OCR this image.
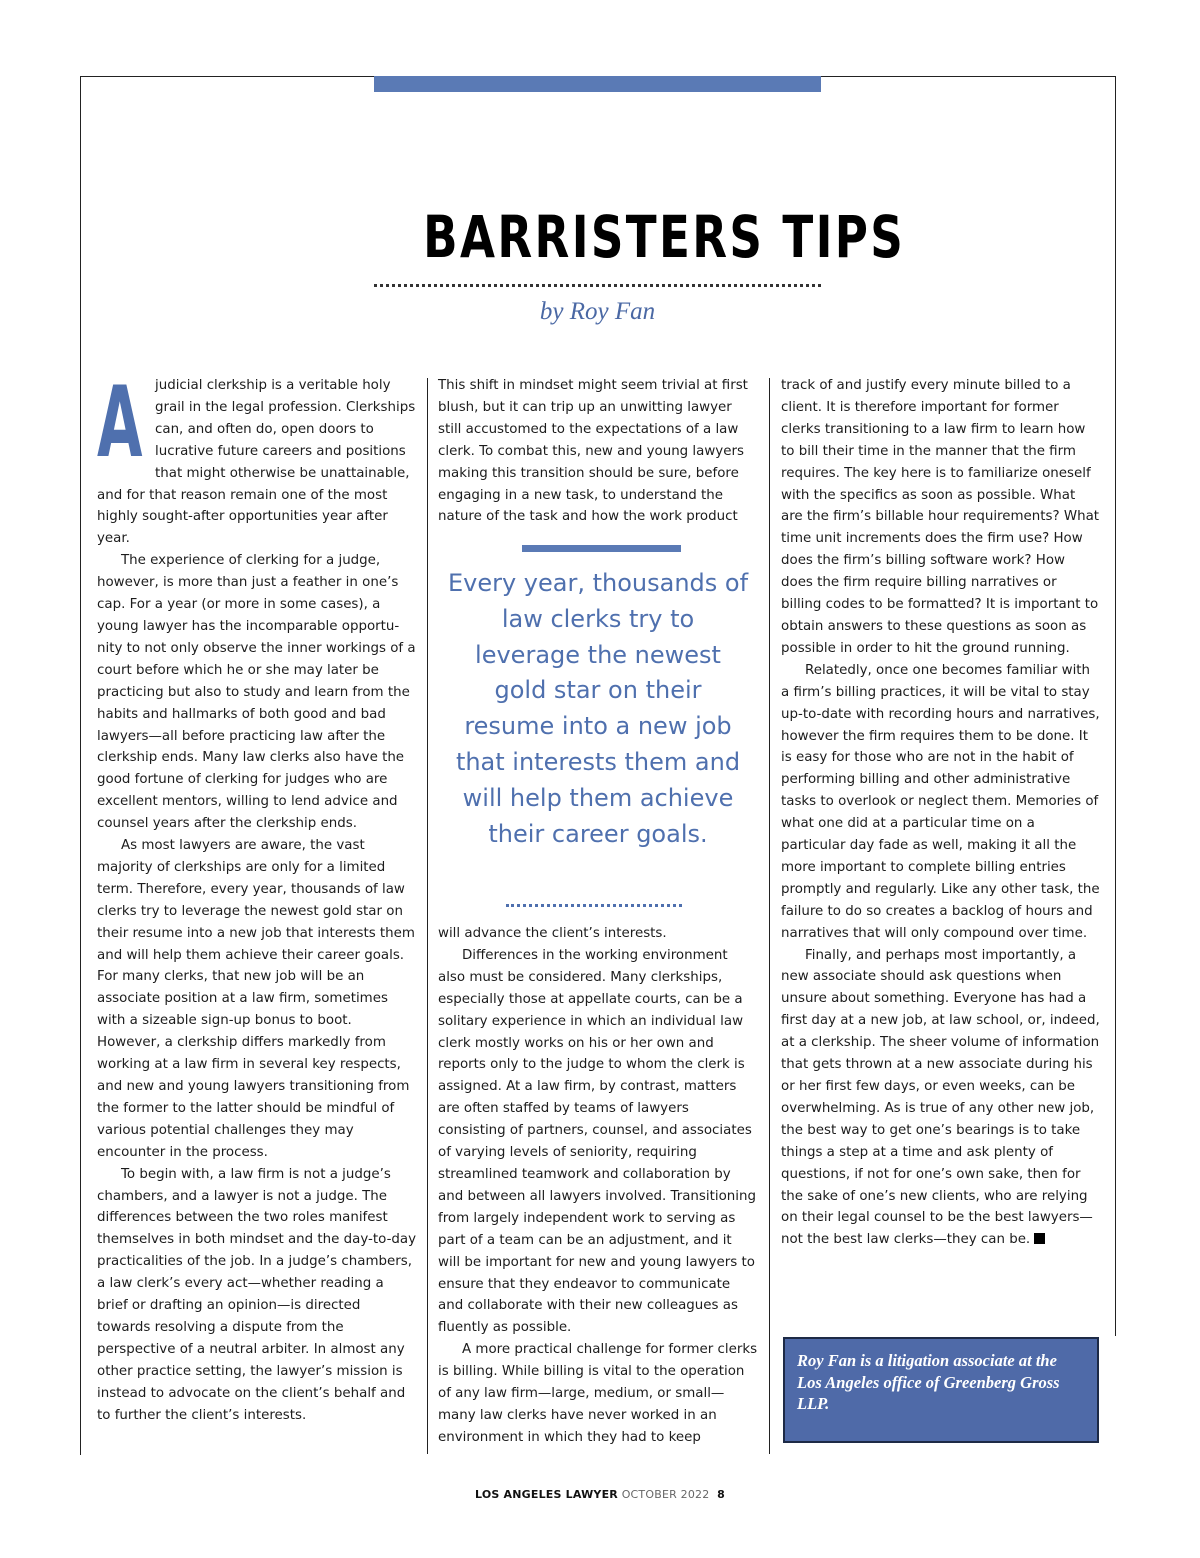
BARRISTERS TIPS
by Roy Fan
A judicial clerkship is a veritable holy grail in the legal profession. Clerkships can, and often do, open doors to lucrative future careers and positions that might otherwise be unattainable, and for that reason remain one of the most highly sought-after opportunities year after year.

The experience of clerking for a judge, however, is more than just a feather in one’s cap. For a year (or more in some cases), a young lawyer has the incomparable opportunity to not only observe the inner workings of a court before which he or she may later be practicing but also to study and learn from the habits and hallmarks of both good and bad lawyers—all before practicing law after the clerkship ends. Many law clerks also have the good fortune of clerking for judges who are excellent mentors, willing to lend advice and counsel years after the clerkship ends.

As most lawyers are aware, the vast majority of clerkships are only for a limited term. Therefore, every year, thousands of law clerks try to leverage the newest gold star on their resume into a new job that interests them and will help them achieve their career goals. For many clerks, that new job will be an associate position at a law firm, sometimes with a sizeable sign-up bonus to boot. However, a clerkship differs markedly from working at a law firm in several key respects, and new and young lawyers transitioning from the former to the latter should be mindful of various potential challenges they may encounter in the process.

To begin with, a law firm is not a judge’s chambers, and a lawyer is not a judge. The differences between the two roles manifest themselves in both mindset and the day-to-day practicalities of the job. In a judge’s chambers, a law clerk’s every act—whether reading a brief or drafting an opinion—is directed towards resolving a dispute from the perspective of a neutral arbiter. In almost any other practice setting, the lawyer’s mission is instead to advocate on the client’s behalf and to further the client’s interests.

This shift in mindset might seem trivial at first blush, but it can trip up an unwitting lawyer still accustomed to the expectations of a law clerk. To combat this, new and young lawyers making this transition should be sure, before engaging in a new task, to understand the nature of the task and how the work product

Every year, thousands of law clerks try to leverage the newest gold star on their resume into a new job that interests them and will help them achieve their career goals.

will advance the client’s interests.

Differences in the working environment also must be considered. Many clerkships, especially those at appellate courts, can be a solitary experience in which an individual law clerk mostly works on his or her own and reports only to the judge to whom the clerk is assigned. At a law firm, by contrast, matters are often staffed by teams of lawyers consisting of partners, counsel, and associates of varying levels of seniority, requiring streamlined teamwork and collaboration by and between all lawyers involved. Transitioning from largely independent work to serving as part of a team can be an adjustment, and it will be important for new and young lawyers to ensure that they endeavor to communicate and collaborate with their new colleagues as fluently as possible.

A more practical challenge for former clerks is billing. While billing is vital to the operation of any law firm—large, medium, or small—many law clerks have never worked in an environment in which they had to keep

track of and justify every minute billed to a client. It is therefore important for former clerks transitioning to a law firm to learn how to bill their time in the manner that the firm requires. The key here is to familiarize oneself with the specifics as soon as possible. What are the firm’s billable hour requirements? What time unit increments does the firm use? How does the firm’s billing software work? How does the firm require billing narratives or billing codes to be formatted? It is important to obtain answers to these questions as soon as possible in order to hit the ground running.

Relatedly, once one becomes familiar with a firm’s billing practices, it will be vital to stay up-to-date with recording hours and narratives, however the firm requires them to be done. It is easy for those who are not in the habit of performing billing and other administrative tasks to overlook or neglect them. Memories of what one did at a particular time on a particular day fade as well, making it all the more important to complete billing entries promptly and regularly. Like any other task, the failure to do so creates a backlog of hours and narratives that will only compound over time.

Finally, and perhaps most importantly, a new associate should ask questions when unsure about something. Everyone has had a first day at a new job, at law school, or, indeed, at a clerkship. The sheer volume of information that gets thrown at a new associate during his or her first few days, or even weeks, can be overwhelming. As is true of any other new job, the best way to get one’s bearings is to take things a step at a time and ask plenty of questions, if not for one’s own sake, then for the sake of one’s new clients, who are relying on their legal counsel to be the best lawyers—not the best law clerks—they can be.

Roy Fan is a litigation associate at the Los Angeles office of Greenberg Gross LLP.
LOS ANGELES LAWYER OCTOBER 2022 8
